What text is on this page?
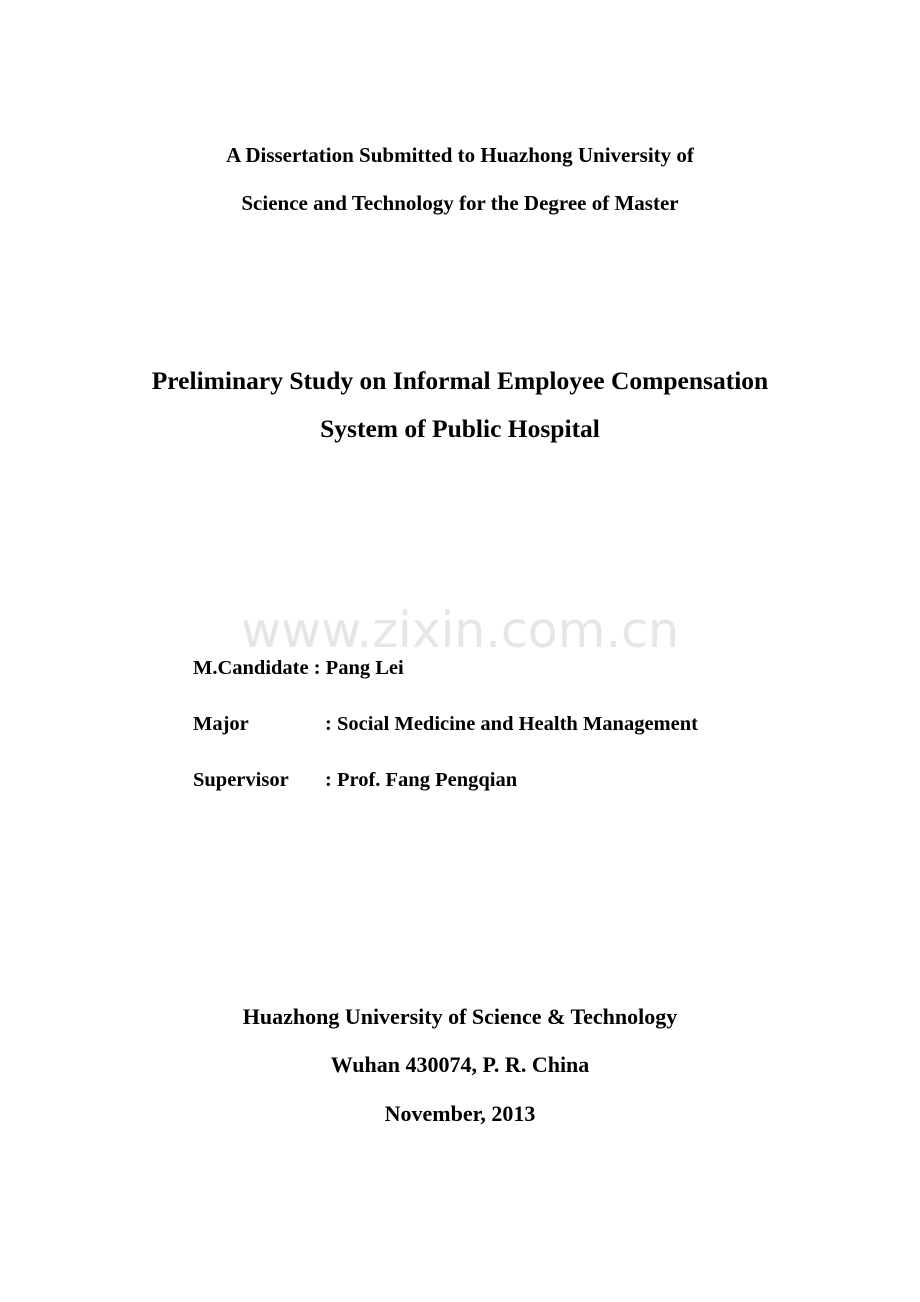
A Dissertation Submitted to Huazhong University of
Science and Technology for the Degree of Master
Preliminary Study on Informal Employee Compensation
System of Public Hospital
www.zixin.com.cn
M.Candidate : Pang Lei
Major	: Social Medicine and Health Management
Supervisor : Prof. Fang Pengqian
Huazhong University of Science & Technology
Wuhan 430074, P. R. China
November, 2013
